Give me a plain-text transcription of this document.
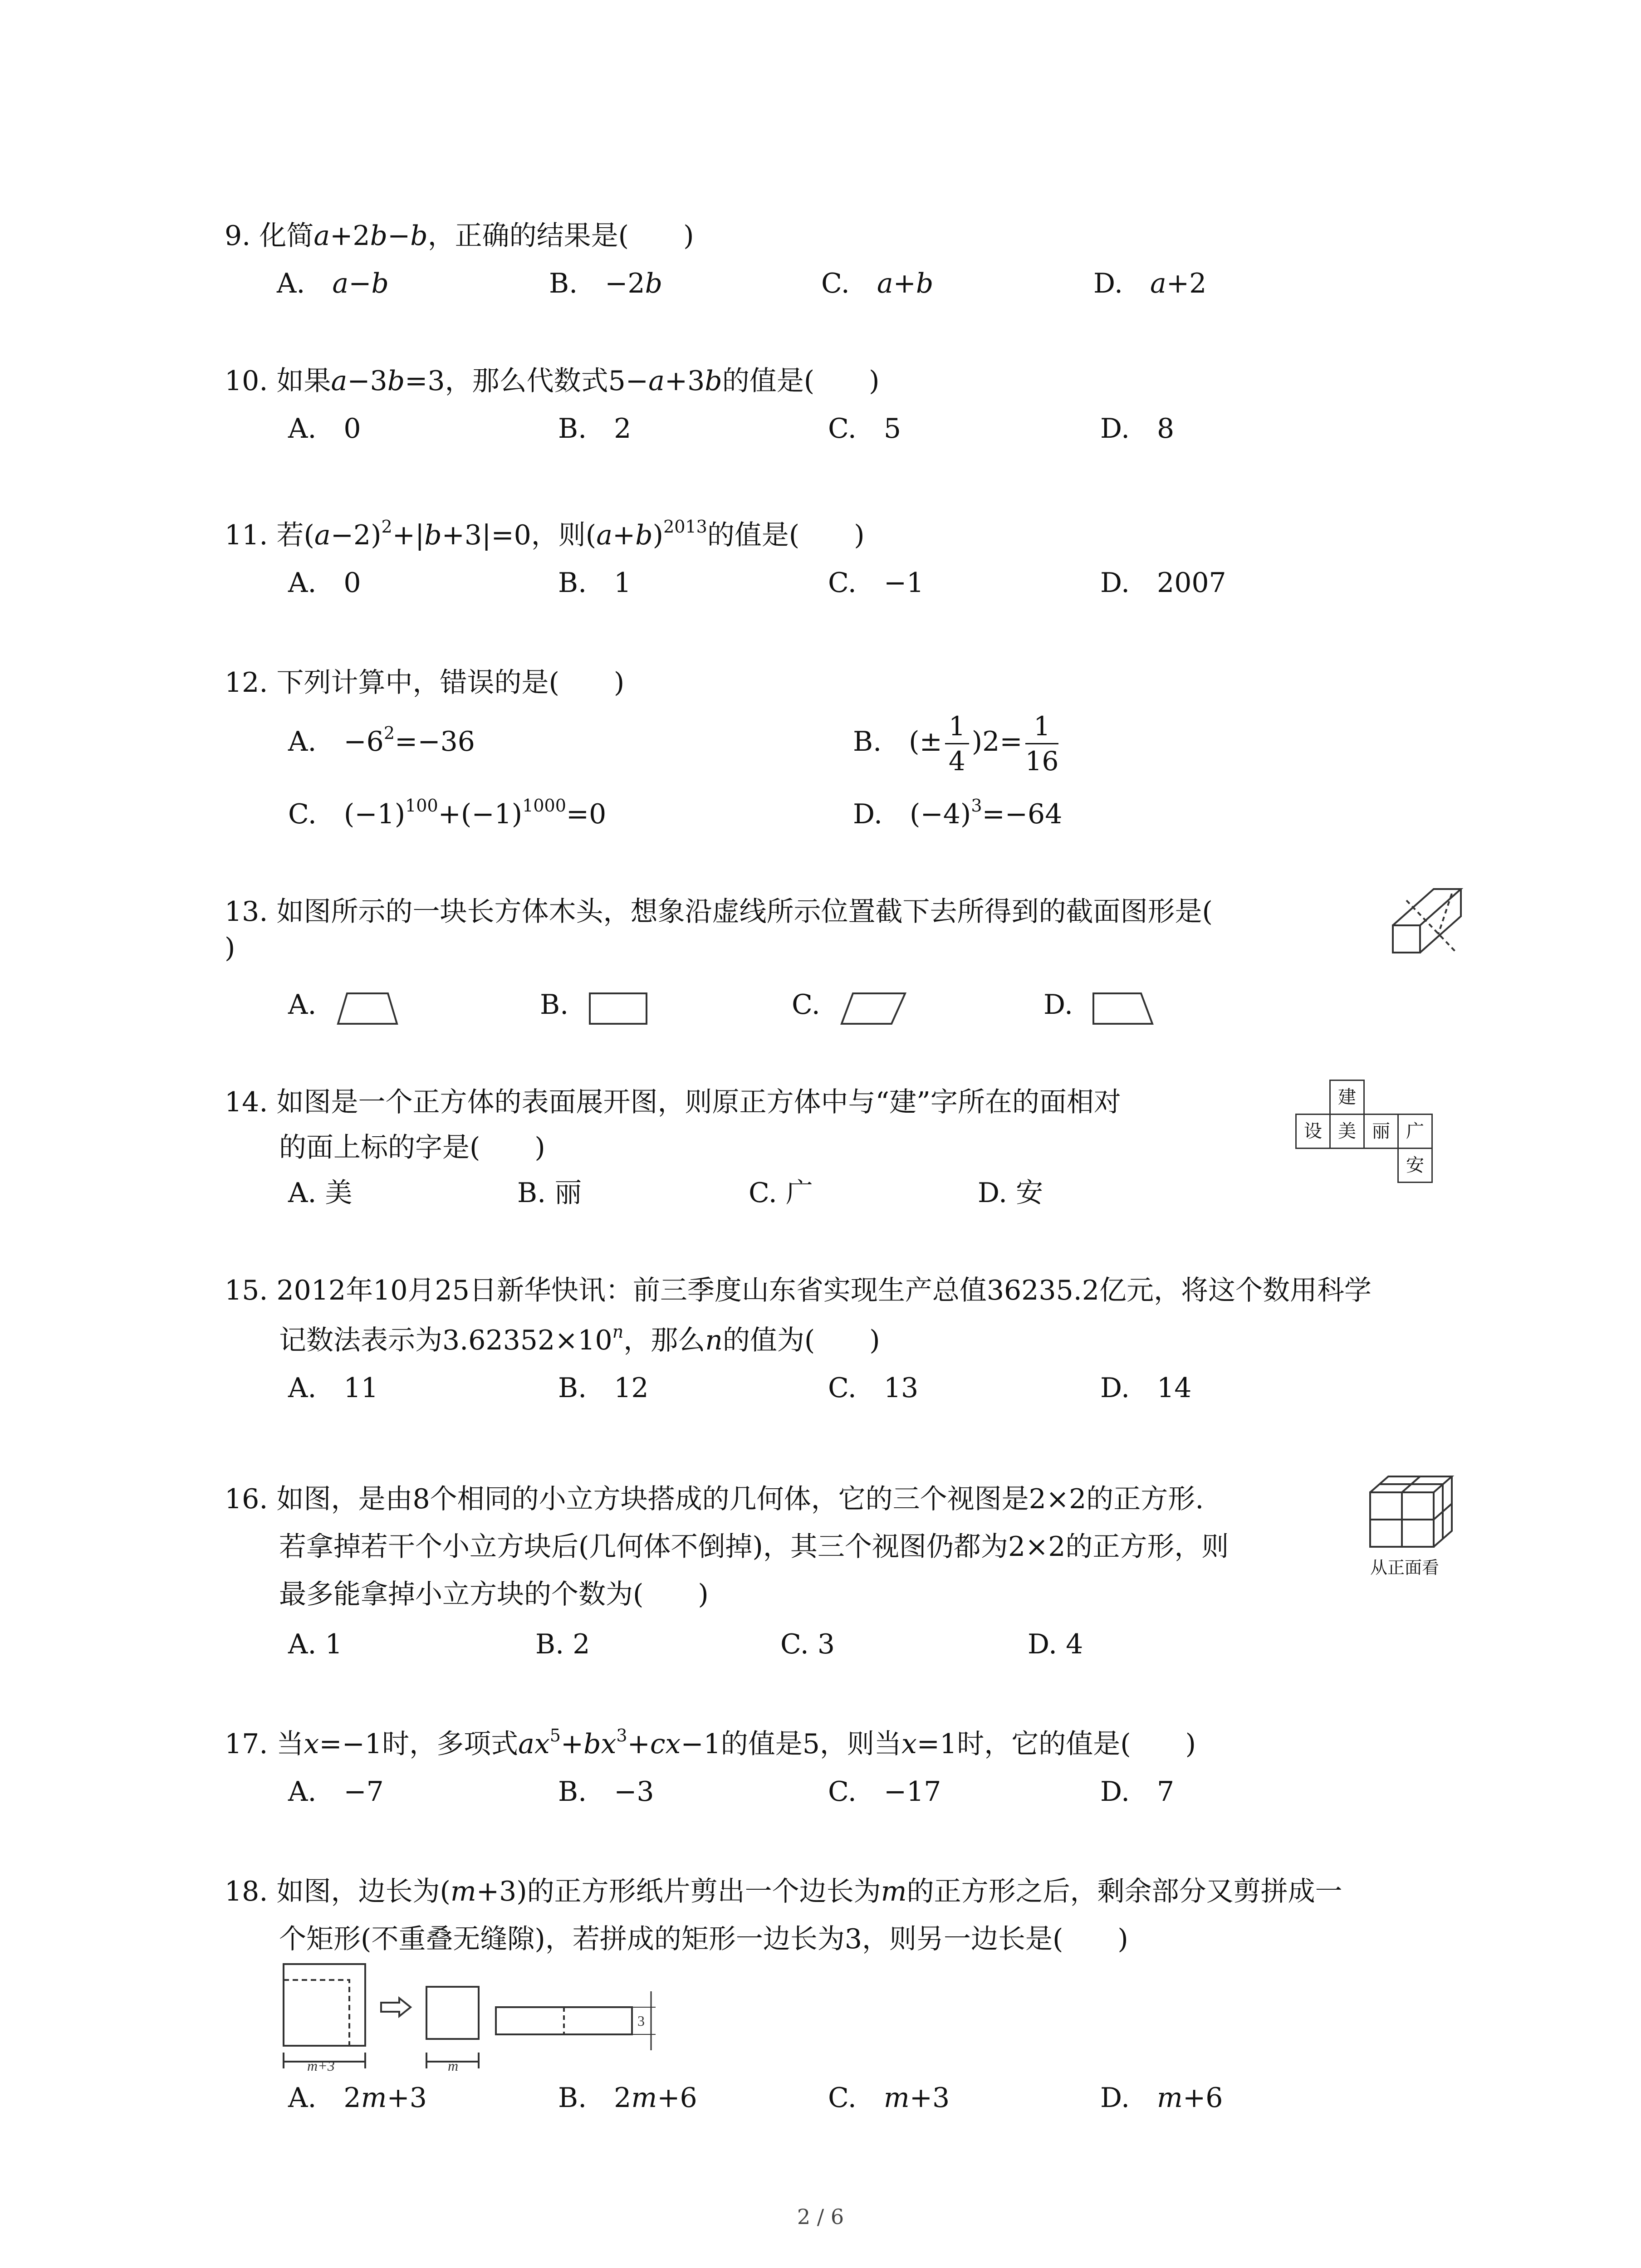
9. 化简a+2b−b，正确的结果是(　　)
A.　a−b	B.　−2b	C.　a+b	D.　a+2
10. 如果a−3b=3，那么代数式5−a+3b的值是(　　)
A.　0	B.　2	C.　5	D.　8
11. 若$(a-2)^2+|b+3|=0$，则$(a+b)^{2013}$的值是(　　)
A.　0	B.　1	C.　−1	D.　2007
12. 下列计算中，错误的是(　　)
A.　$-6^2=-36$	B.　(± $\frac{1}{4} )2= \frac{1}{16}$
C.　$(-1)^{100}+(-1)^{1000}=0$	D.　$(-4)^3=-64$
13. 如图所示的一块长方体木头，想象沿虚线所示位置截下去所得到的截面图形是(
)
A.	B.	C.	D.
14. 如图是一个正方体的表面展开图，则原正方体中与“建”字所在的面相对
的面上标的字是(　　)
A. 美	B. 丽	C. 广	D. 安
建
设 美 丽 广
安
15. 2012年10月25日新华快讯：前三季度山东省实现生产总值36235.2亿元，将这个数用科学
记数法表示为$3.62352\times 10^n$，那么n的值为(　　)
A.　11	B.　12	C.　13	D.　14
16. 如图，是由8个相同的小立方块搭成的几何体，它的三个视图是2×2的正方形.
若拿掉若干个小立方块后(几何体不倒掉)，其三个视图仍都为2×2的正方形，则
最多能拿掉小立方块的个数为(　　)
A. 1	B. 2	C. 3	D. 4
从正面看
17. 当x=−1时，多项式$ax^5+bx^3+cx-1$的值是5，则当x=1时，它的值是(　　)
A.　−7	B.　−3	C.　−17	D.　7
18. 如图，边长为(m+3)的正方形纸片剪出一个边长为m的正方形之后，剩余部分又剪拼成一
个矩形(不重叠无缝隙)，若拼成的矩形一边长为3，则另一边长是(　　)
m+3	m
3
A.　2m+3	B.　2m+6	C.　m+3	D.　m+6
2 / 6
